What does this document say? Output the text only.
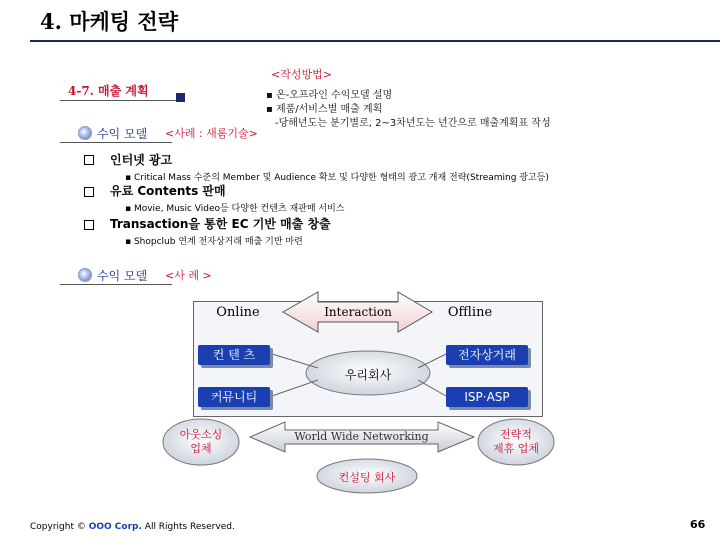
4. 마케팅 전략
4-7. 매출 계획
<작성방법>
▪ 온-오프라인 수익모델 설명
▪ 제품/서비스별 매출 계획
-당해년도는 분기별로, 2~3차년도는 년간으로 매출계획표 작성
수익 모델 <사례 : 새롬기술>
인터넷 광고
▪ Critical Mass 수준의 Member 및 Audience 확보 및 다양한 형태의 광고 개재 전략(Streaming 광고등)
유료 Contents 판매
▪ Movie, Music Video등 다양한 컨텐츠 재판매 서비스
Transaction을 통한 EC 기반 매출 창출
▪ Shopclub 연계 전자상거래 매출 기반 마련
수익 모델 <사 례 >
Online	Offline
Interaction
컨 텐 츠	전자상거래
커뮤니티	ISP·ASP
우리회사
아웃소싱
업체
전략적
제휴 업체
World Wide Networking
컨설팅 회사
Copyright © OOO Corp. All Rights Reserved.	66
